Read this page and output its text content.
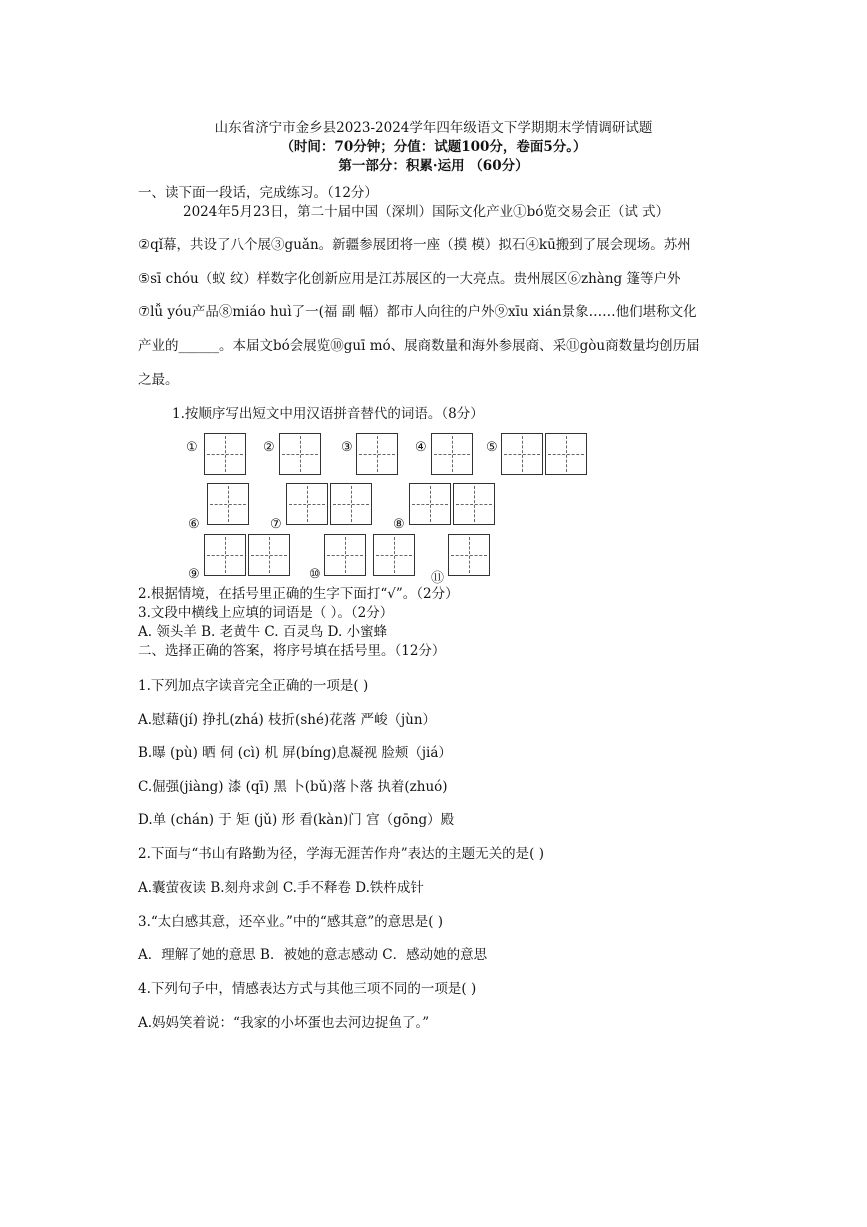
山东省济宁市金乡县2023-2024学年四年级语文下学期期末学情调研试题
（时间：70分钟；分值：试题100分，卷面5分。）
第一部分：积累·运用 （60分）
一、读下面一段话，完成练习。（12分）
2024年5月23日，第二十届中国（深圳）国际文化产业①bó览交易会正（试 式）
②qǐ幕，共设了八个展③guǎn。新疆参展团将一座（摸 模）拟石④kū搬到了展会现场。苏州
⑤sī chóu（蚁 纹）样数字化创新应用是江苏展区的一大亮点。贵州展区⑥zhàng 篷等户外
⑦lǚ yóu产品⑧miáo huì了一(福 副 幅）都市人向往的户外⑨xīu xián景象……他们堪称文化
产业的______。本届文bó会展览⑩guī mó、展商数量和海外参展商、采⑪gòu商数量均创历届
之最。
1.按顺序写出短文中用汉语拼音替代的词语。（8分）
①	②	③	④	⑤
⑥	⑦	⑧
⑨	⑩	⑪
2.根据情境，在括号里正确的生字下面打“√”。（2分）
3.文段中横线上应填的词语是（ ）。（2分）
A. 领头羊 B. 老黄牛 C. 百灵鸟 D. 小蜜蜂
二、选择正确的答案，将序号填在括号里。（12分）
1.下列加点字读音完全正确的一项是( )
A.慰藉(jí) 挣扎(zhá) 枝折(shé)花落 严峻（jùn）
B.曝 (pù) 晒 伺 (cì) 机 屏(bíng)息凝视 脸颊（jiá）
C.倔强(jiàng) 漆 (qī) 黑 卜(bǔ)落卜落 执着(zhuó)
D.单 (chán) 于 矩 (jǔ) 形 看(kàn)门 宫（gōng）殿
2.下面与“书山有路勤为径，学海无涯苦作舟”表达的主题无关的是( )
A.囊萤夜读 B.刻舟求剑 C.手不释卷 D.铁杵成针
3.“太白感其意，还卒业。”中的“感其意”的意思是( )
A．理解了她的意思 B．被她的意志感动 C．感动她的意思
4.下列句子中，情感表达方式与其他三项不同的一项是( )
A.妈妈笑着说：“我家的小坏蛋也去河边捉鱼了。”
